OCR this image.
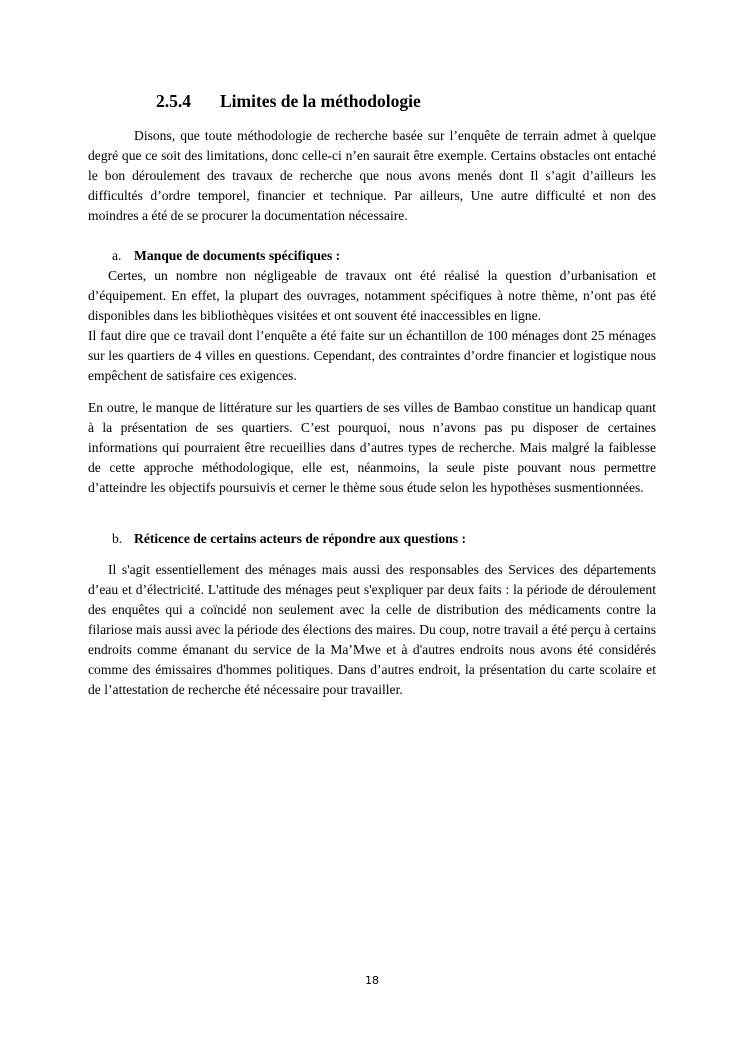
2.5.4 Limites de la méthodologie

Disons, que toute méthodologie de recherche basée sur l’enquête de terrain admet à quelque degré que ce soit des limitations, donc celle-ci n’en saurait être exemple. Certains obstacles ont entaché le bon déroulement des travaux de recherche que nous avons menés dont Il s’agit d’ailleurs les difficultés d’ordre temporel, financier et technique. Par ailleurs, Une autre difficulté et non des moindres a été de se procurer la documentation nécessaire.

a. Manque de documents spécifiques :

Certes, un nombre non négligeable de travaux ont été réalisé la question d’urbanisation et d’équipement. En effet, la plupart des ouvrages, notamment spécifiques à notre thème, n’ont pas été disponibles dans les bibliothèques visitées et ont souvent été inaccessibles en ligne.

Il faut dire que ce travail dont l’enquête a été faite sur un échantillon de 100 ménages dont 25 ménages sur les quartiers de 4 villes en questions. Cependant, des contraintes d’ordre financier et logistique nous empêchent de satisfaire ces exigences.

En outre, le manque de littérature sur les quartiers de ses villes de Bambao constitue un handicap quant à la présentation de ses quartiers. C’est pourquoi, nous n’avons pas pu disposer de certaines informations qui pourraient être recueillies dans d’autres types de recherche. Mais malgré la faiblesse de cette approche méthodologique, elle est, néanmoins, la seule piste pouvant nous permettre d’atteindre les objectifs poursuivis et cerner le thème sous étude selon les hypothèses susmentionnées.

b. Réticence de certains acteurs de répondre aux questions :

Il s'agit essentiellement des ménages mais aussi des responsables des Services des départements d’eau et d’électricité. L'attitude des ménages peut s'expliquer par deux faits : la période de déroulement des enquêtes qui a coïncidé non seulement avec la celle de distribution des médicaments contre la filariose mais aussi avec la période des élections des maires. Du coup, notre travail a été perçu à certains endroits comme émanant du service de la Ma’Mwe et à d'autres endroits nous avons été considérés comme des émissaires d'hommes politiques. Dans d’autres endroit, la présentation du carte scolaire et de l’attestation de recherche été nécessaire pour travailler.

18
